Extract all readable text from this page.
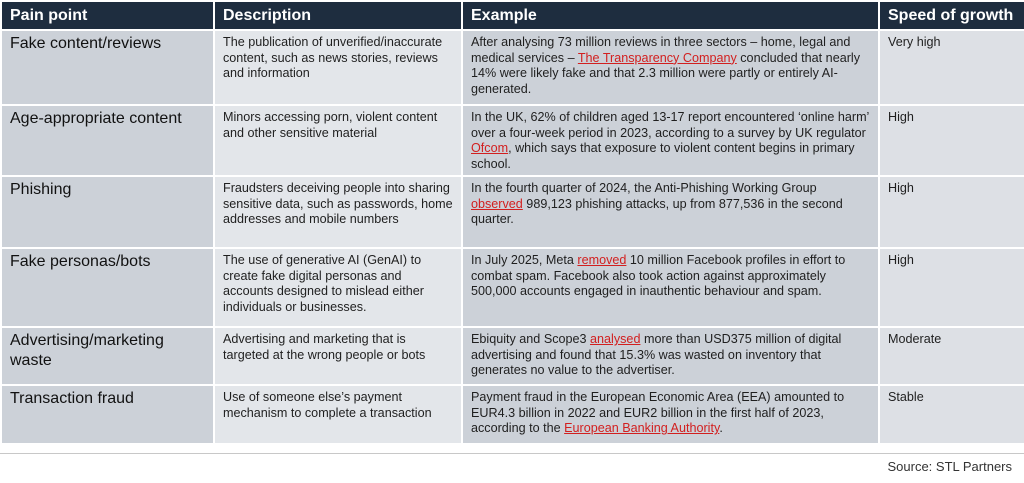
Pain point	Description	Example	Speed of growth
Fake content/reviews	The publication of unverified/inaccurate content, such as news stories, reviews and information	After analysing 73 million reviews in three sectors – home, legal and medical services – The Transparency Company concluded that nearly 14% were likely fake and that 2.3 million were partly or entirely AI-generated.	Very high
Age-appropriate content	Minors accessing porn, violent content and other sensitive material	In the UK, 62% of children aged 13-17 report encountered ‘online harm’ over a four-week period in 2023, according to a survey by UK regulator Ofcom, which says that exposure to violent content begins in primary school.	High
Phishing	Fraudsters deceiving people into sharing sensitive data, such as passwords, home addresses and mobile numbers	In the fourth quarter of 2024, the Anti-Phishing Working Group observed 989,123 phishing attacks, up from 877,536 in the second quarter.	High
Fake personas/bots	The use of generative AI (GenAI) to create fake digital personas and accounts designed to mislead either individuals or businesses.	In July 2025, Meta removed 10 million Facebook profiles in effort to combat spam. Facebook also took action against approximately 500,000 accounts engaged in inauthentic behaviour and spam.	High
Advertising/marketing waste	Advertising and marketing that is targeted at the wrong people or bots	Ebiquity and Scope3 analysed more than USD375 million of digital advertising and found that 15.3% was wasted on inventory that generates no value to the advertiser.	Moderate
Transaction fraud	Use of someone else’s payment mechanism to complete a transaction	Payment fraud in the European Economic Area (EEA) amounted to EUR4.3 billion in 2022 and EUR2 billion in the first half of 2023, according to the European Banking Authority.	Stable
Source: STL Partners
